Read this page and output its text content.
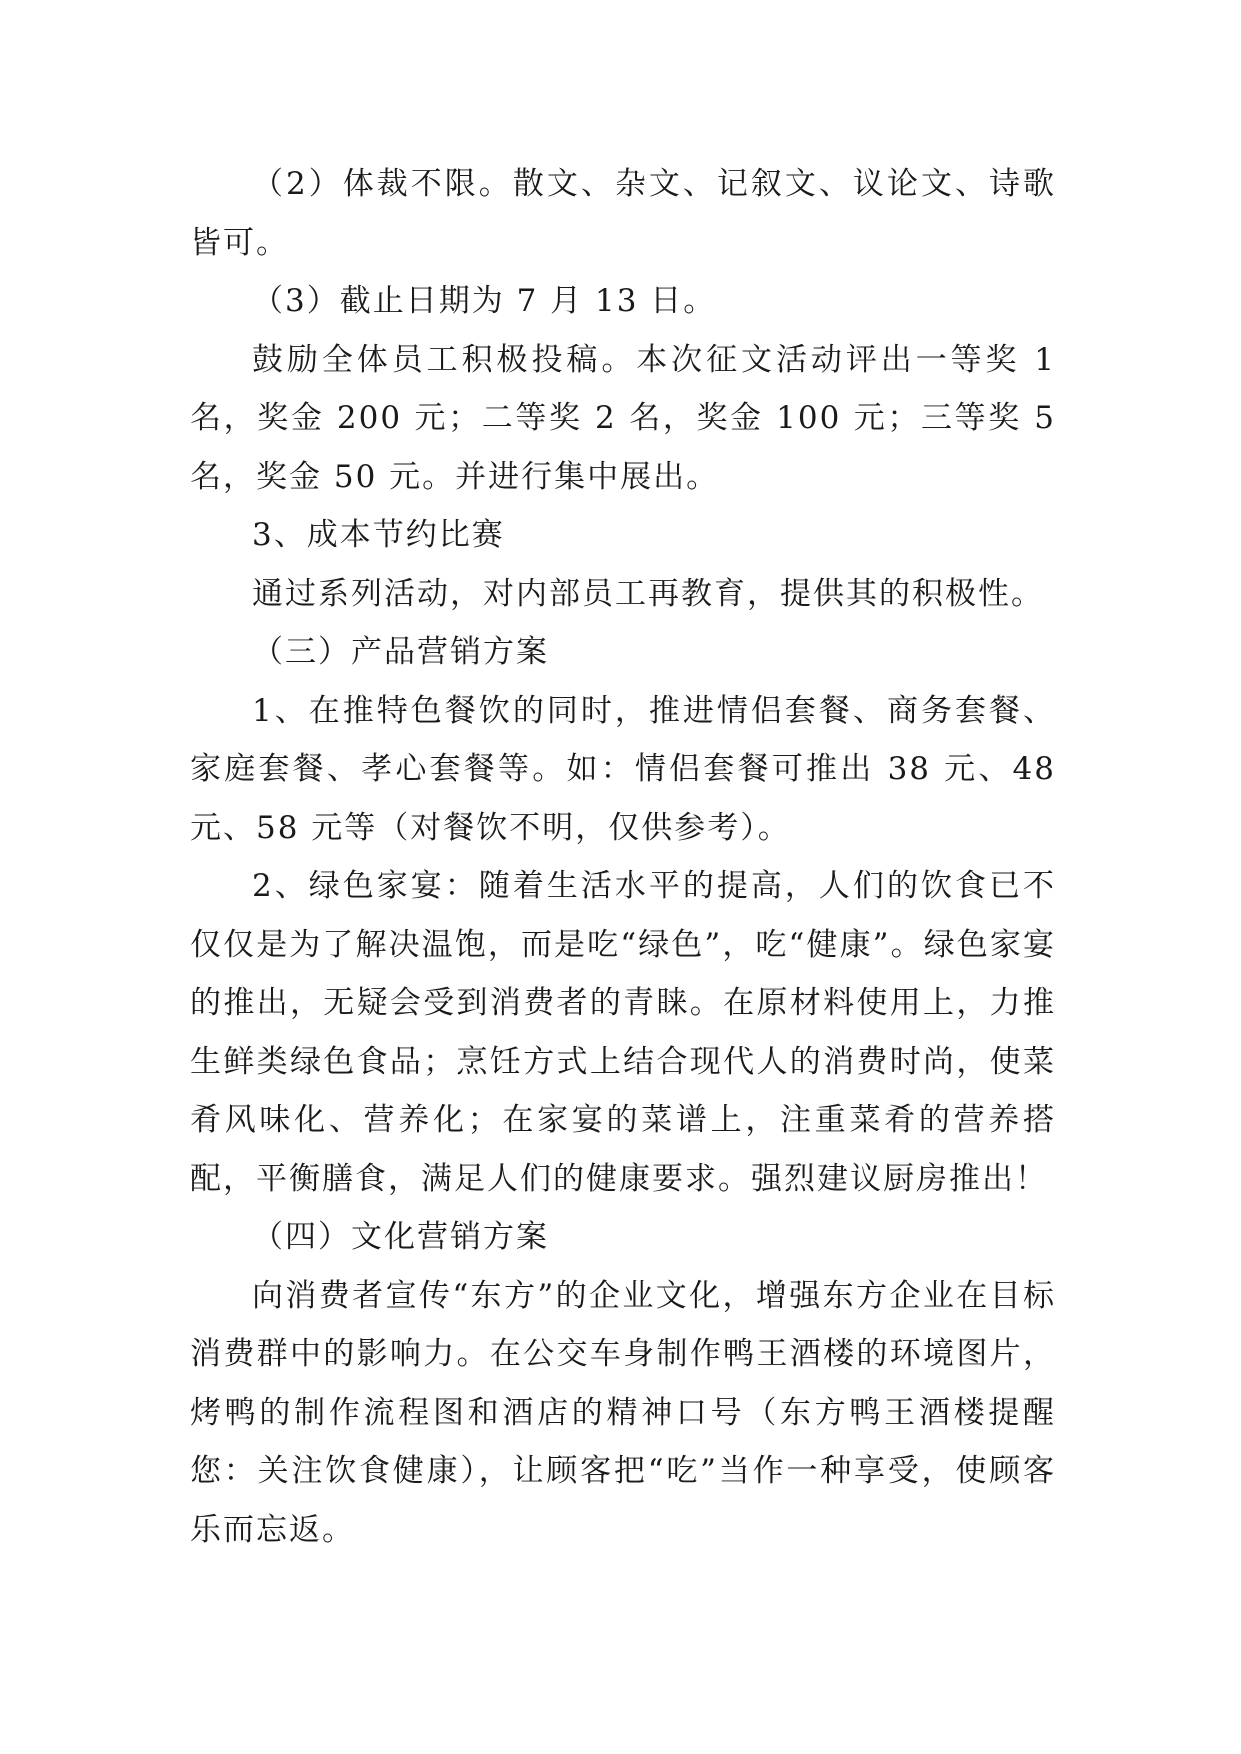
（2）体裁不限。散文、杂文、记叙文、议论文、诗歌皆可。

（3）截止日期为 7 月 13 日。

鼓励全体员工积极投稿。本次征文活动评出一等奖 1 名，奖金 200 元；二等奖 2 名，奖金 100 元；三等奖 5 名，奖金 50 元。并进行集中展出。

3、成本节约比赛

通过系列活动，对内部员工再教育，提供其的积极性。

（三）产品营销方案

1、在推特色餐饮的同时，推进情侣套餐、商务套餐、家庭套餐、孝心套餐等。如：情侣套餐可推出 38 元、48 元、58 元等（对餐饮不明，仅供参考）。

2、绿色家宴：随着生活水平的提高，人们的饮食已不仅仅是为了解决温饱，而是吃“绿色”，吃“健康”。绿色家宴的推出，无疑会受到消费者的青睐。在原材料使用上，力推生鲜类绿色食品；烹饪方式上结合现代人的消费时尚，使菜肴风味化、营养化；在家宴的菜谱上，注重菜肴的营养搭配，平衡膳食，满足人们的健康要求。强烈建议厨房推出！

（四）文化营销方案

向消费者宣传“东方”的企业文化，增强东方企业在目标消费群中的影响力。在公交车身制作鸭王酒楼的环境图片，烤鸭的制作流程图和酒店的精神口号（东方鸭王酒楼提醒您：关注饮食健康），让顾客把“吃”当作一种享受，使顾客乐而忘返。
